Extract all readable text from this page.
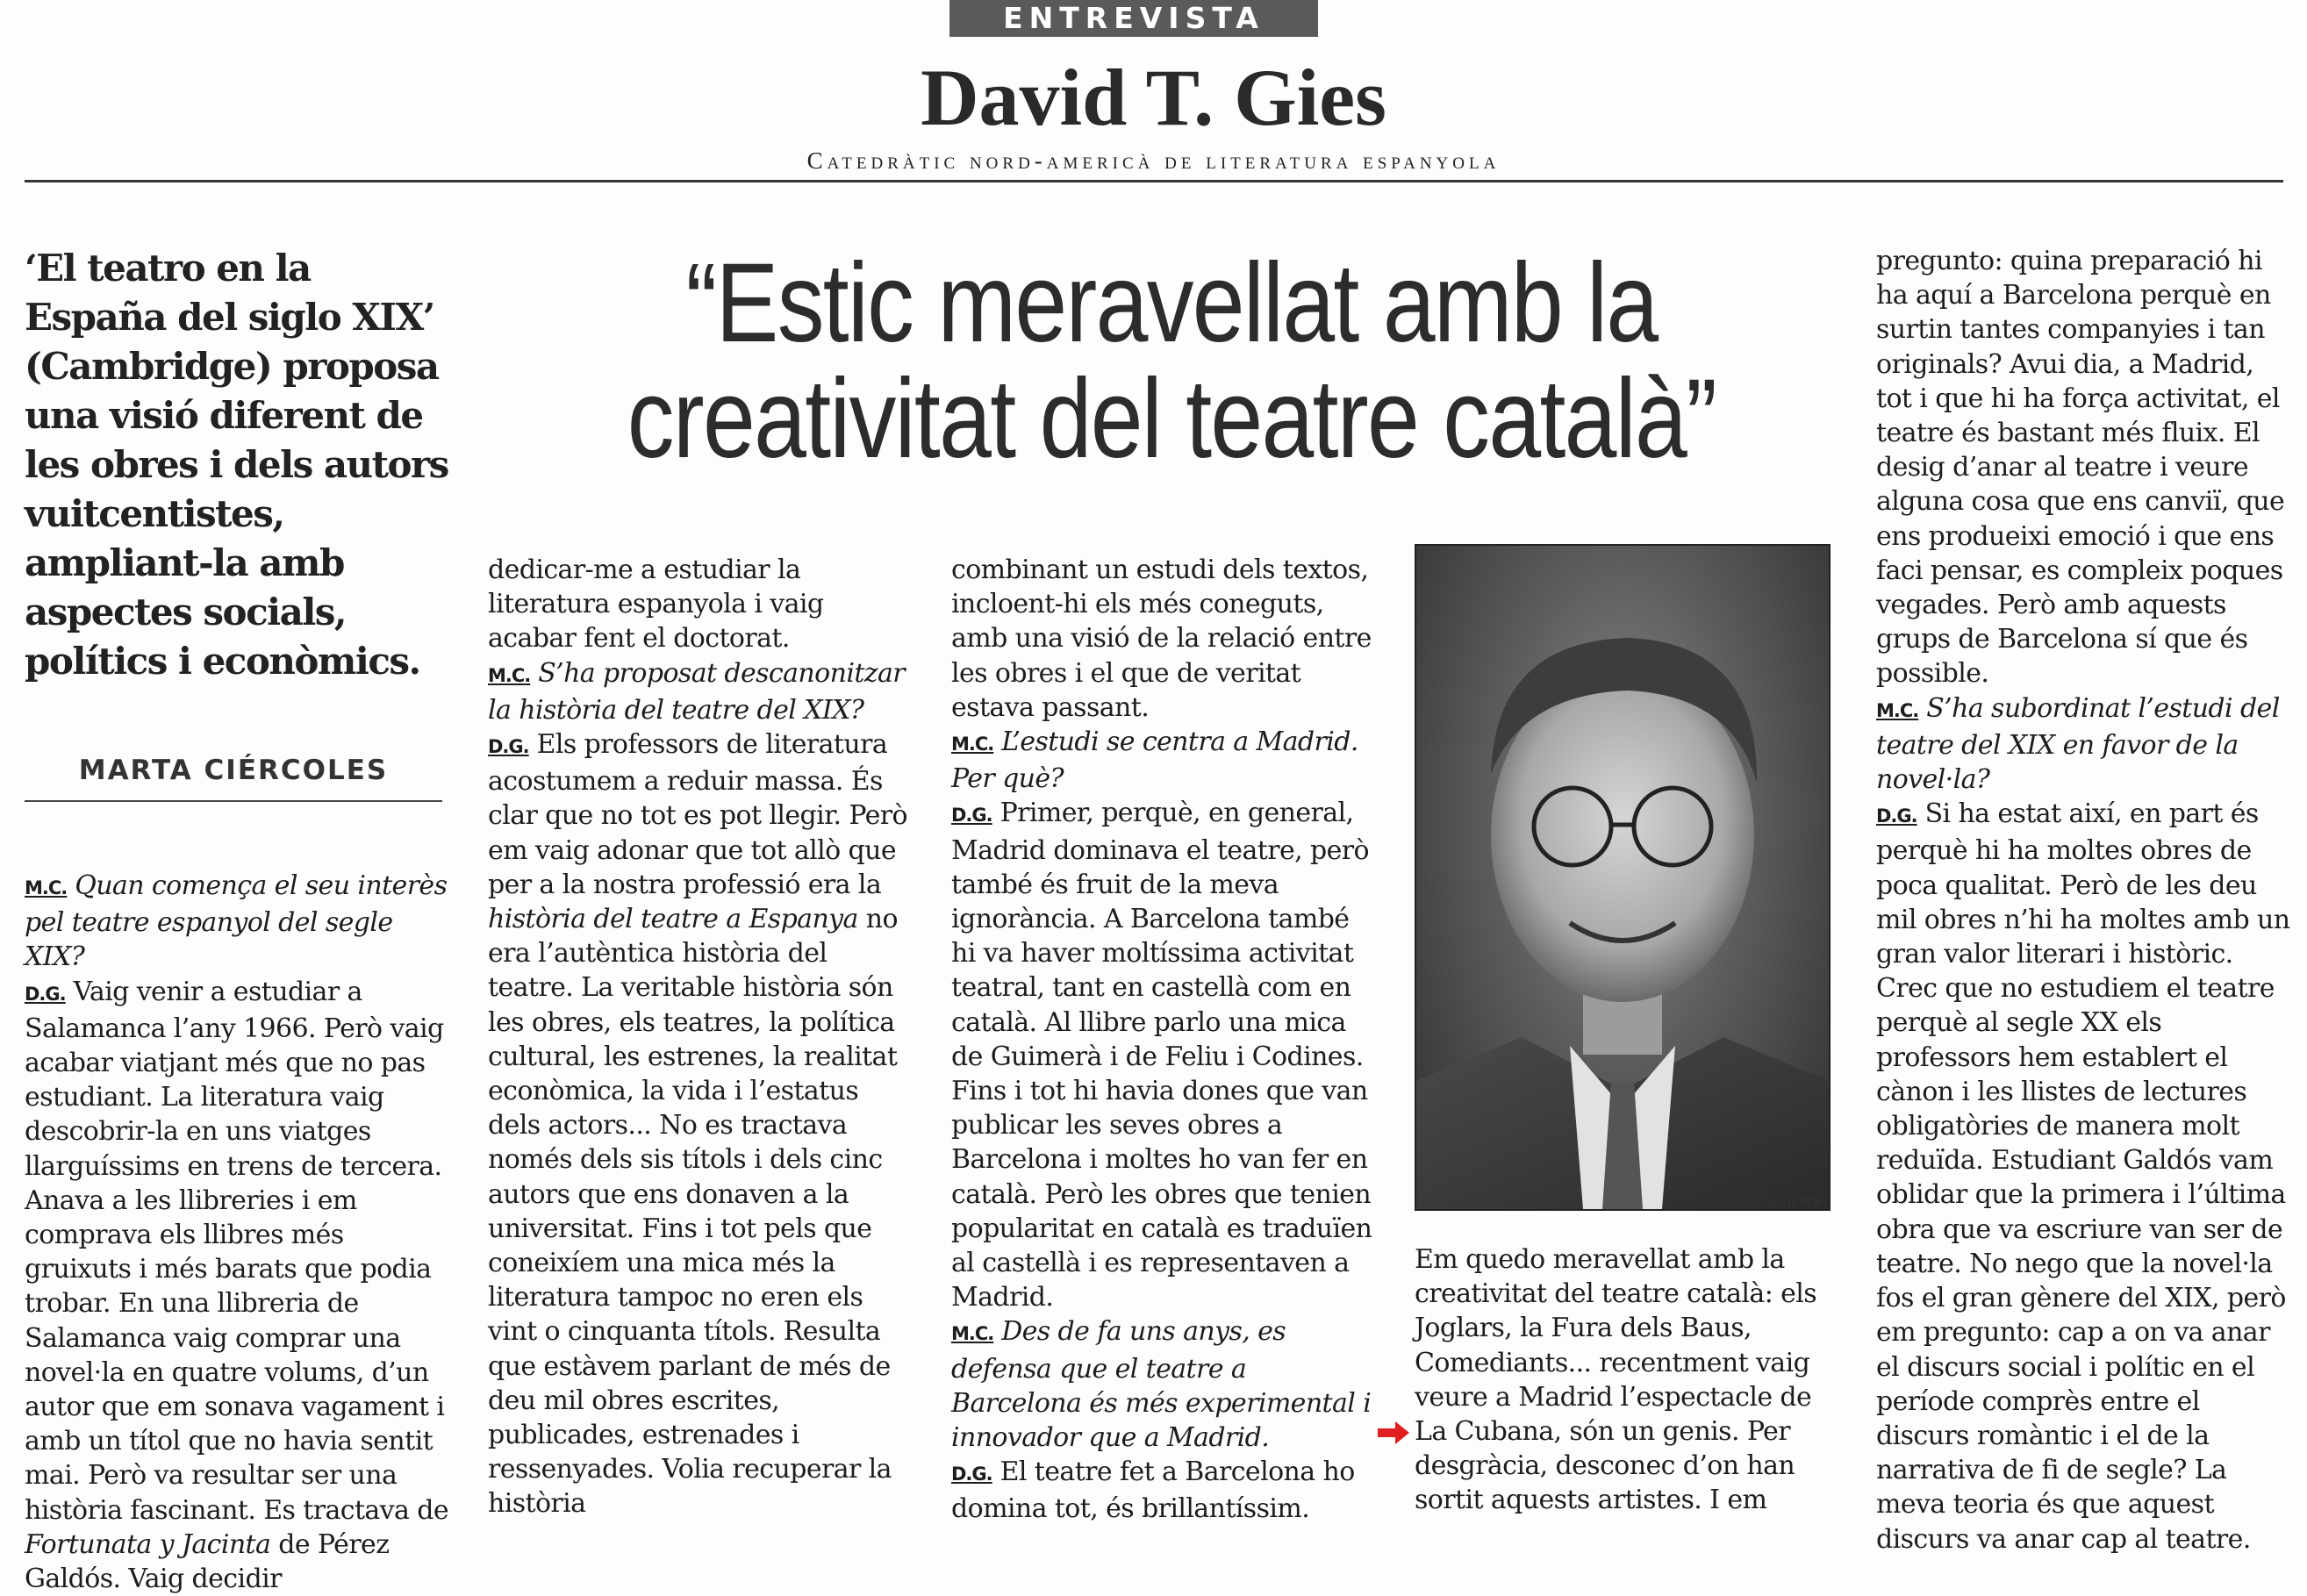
ENTREVISTA
David T. Gies
Catedràtic nord-americà de literatura espanyola
‘El teatro en la España del siglo XIX’ (Cambridge) proposa una visió diferent de les obres i dels autors vuitcentistes, ampliant-la amb aspectes socials, polítics i econòmics.
MARTA CIÉRCOLES
“Estic meravellat amb la
creativitat del teatre català”

M.C. Quan comença el seu interès pel teatre espanyol del segle XIX?

D.G. Vaig venir a estudiar a Salamanca l’any 1966. Però vaig acabar viatjant més que no pas estudiant. La literatura vaig descobrir-la en uns viatges llarguíssims en trens de tercera. Anava a les llibreries i em comprava els llibres més gruixuts i més barats que podia trobar. En una llibreria de Salamanca vaig comprar una novel·la en quatre volums, d’un autor que em sonava vagament i amb un títol que no havia sentit mai. Però va resultar ser una història fascinant. Es tractava de Fortunata y Jacinta de Pérez Galdós. Vaig decidir

dedicar-me a estudiar la literatura espanyola i vaig acabar fent el doctorat.

M.C. S’ha proposat descanonitzar la història del teatre del XIX?

D.G. Els professors de literatura acostumem a reduir massa. És clar que no tot es pot llegir. Però em vaig adonar que tot allò que per a la nostra professió era la història del teatre a Espanya no era l’autèntica història del teatre. La veritable història són les obres, els teatres, la política cultural, les estrenes, la realitat econòmica, la vida i l’estatus dels actors... No es tractava només dels sis títols i dels cinc autors que ens donaven a la universitat. Fins i tot pels que coneixíem una mica més la literatura tampoc no eren els vint o cinquanta títols. Resulta que estàvem parlant de més de deu mil obres escrites, publicades, estrenades i ressenyades. Volia recuperar la història

combinant un estudi dels textos, incloent-hi els més coneguts, amb una visió de la relació entre les obres i el que de veritat estava passant.

M.C. L’estudi se centra a Madrid. Per què?

D.G. Primer, perquè, en general, Madrid dominava el teatre, però també és fruit de la meva ignorància. A Barcelona també hi va haver moltíssima activitat teatral, tant en castellà com en català. Al llibre parlo una mica de Guimerà i de Feliu i Codines. Fins i tot hi havia dones que van publicar les seves obres a Barcelona i moltes ho van fer en català. Però les obres que tenien popularitat en català es traduïen al castellà i es representaven a Madrid.

M.C. Des de fa uns anys, es defensa que el teatre a Barcelona és més experimental i innovador que a Madrid.

D.G. El teatre fet a Barcelona ho domina tot, és brillantíssim.

CRISTINA CALDERER

Em quedo meravellat amb la creativitat del teatre català: els Joglars, la Fura dels Baus, Comediants... recentment vaig veure a Madrid l’espectacle de La Cubana, són un genis. Per desgràcia, desconec d’on han sortit aquests artistes. I em

pregunto: quina preparació hi ha aquí a Barcelona perquè en surtin tantes companyies i tan originals? Avui dia, a Madrid, tot i que hi ha força activitat, el teatre és bastant més fluix. El desig d’anar al teatre i veure alguna cosa que ens canviï, que ens produeixi emoció i que ens faci pensar, es compleix poques vegades. Però amb aquests grups de Barcelona sí que és possible.

M.C. S’ha subordinat l’estudi del teatre del XIX en favor de la novel·la?

D.G. Si ha estat així, en part és perquè hi ha moltes obres de poca qualitat. Però de les deu mil obres n’hi ha moltes amb un gran valor literari i històric. Crec que no estudiem el teatre perquè al segle XX els professors hem establert el cànon i les llistes de lectures obligatòries de manera molt reduïda. Estudiant Galdós vam oblidar que la primera i l’última obra que va escriure van ser de teatre. No nego que la novel·la fos el gran gènere del XIX, però em pregunto: cap a on va anar el discurs social i polític en el període comprès entre el discurs romàntic i el de la narrativa de fi de segle? La meva teoria és que aquest discurs va anar cap al teatre.
